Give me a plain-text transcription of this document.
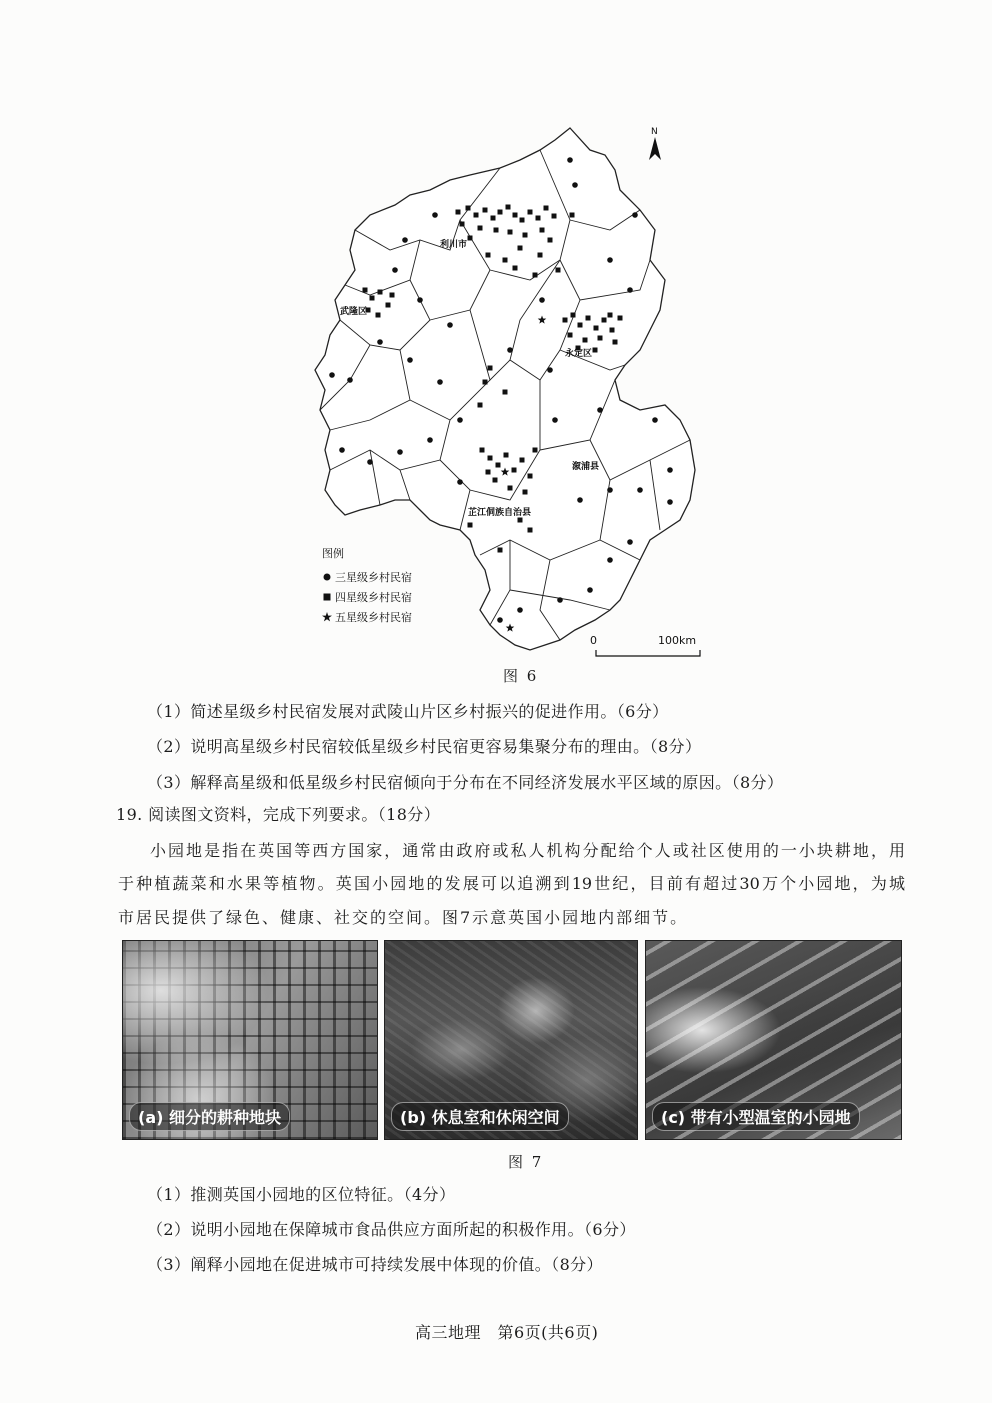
利川市
武隆区
永定区
溆浦县
芷江侗族自治县
N
图例
三星级乡村民宿
四星级乡村民宿
五星级乡村民宿
0	100km
图 6
（1）简述星级乡村民宿发展对武陵山片区乡村振兴的促进作用。（6分）
（2）说明高星级乡村民宿较低星级乡村民宿更容易集聚分布的理由。（8分）
（3）解释高星级和低星级乡村民宿倾向于分布在不同经济发展水平区域的原因。（8分）
19. 阅读图文资料，完成下列要求。（18分）
小园地是指在英国等西方国家，通常由政府或私人机构分配给个人或社区使用的一小块耕地，用
于种植蔬菜和水果等植物。英国小园地的发展可以追溯到19世纪，目前有超过30万个小园地，为城
市居民提供了绿色、健康、社交的空间。图7示意英国小园地内部细节。
(a) 细分的耕种地块	(b) 休息室和休闲空间	(c) 带有小型温室的小园地
图 7
（1）推测英国小园地的区位特征。（4分）
（2）说明小园地在保障城市食品供应方面所起的积极作用。（6分）
（3）阐释小园地在促进城市可持续发展中体现的价值。（8分）
高三地理　第6页(共6页)
